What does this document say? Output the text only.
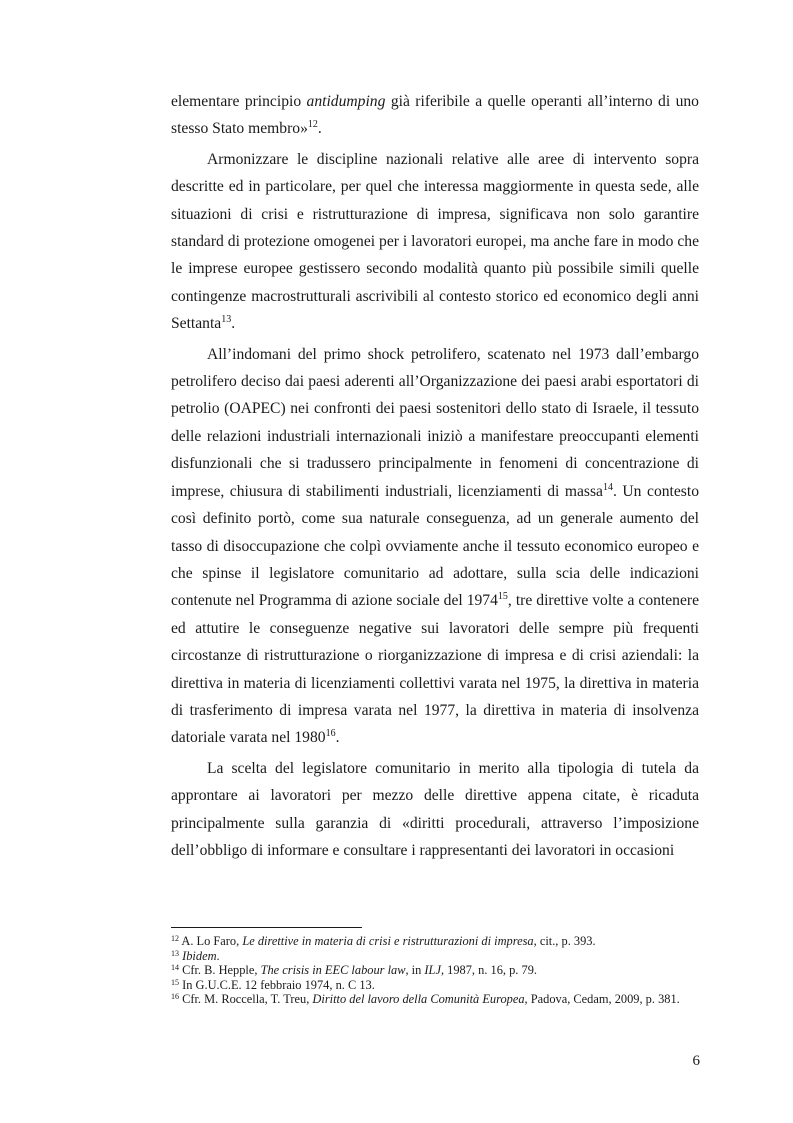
elementare principio antidumping già riferibile a quelle operanti all’interno di uno stesso Stato membro»$^{12}$.

Armonizzare le discipline nazionali relative alle aree di intervento sopra descritte ed in particolare, per quel che interessa maggiormente in questa sede, alle situazioni di crisi e ristrutturazione di impresa, significava non solo garantire standard di protezione omogenei per i lavoratori europei, ma anche fare in modo che le imprese europee gestissero secondo modalità quanto più possibile simili quelle contingenze macrostrutturali ascrivibili al contesto storico ed economico degli anni Settanta$^{13}$.

All’indomani del primo shock petrolifero, scatenato nel 1973 dall’embargo petrolifero deciso dai paesi aderenti all’Organizzazione dei paesi arabi esportatori di petrolio (OAPEC) nei confronti dei paesi sostenitori dello stato di Israele, il tessuto delle relazioni industriali internazionali iniziò a manifestare preoccupanti elementi disfunzionali che si tradussero principalmente in fenomeni di concentrazione di imprese, chiusura di stabilimenti industriali, licenziamenti di massa$^{14}$. Un contesto così definito portò, come sua naturale conseguenza, ad un generale aumento del tasso di disoccupazione che colpì ovviamente anche il tessuto economico europeo e che spinse il legislatore comunitario ad adottare, sulla scia delle indicazioni contenute nel Programma di azione sociale del 1974$^{15}$, tre direttive volte a contenere ed attutire le conseguenze negative sui lavoratori delle sempre più frequenti circostanze di ristrutturazione o riorganizzazione di impresa e di crisi aziendali: la direttiva in materia di licenziamenti collettivi varata nel 1975, la direttiva in materia di trasferimento di impresa varata nel 1977, la direttiva in materia di insolvenza datoriale varata nel 1980$^{16}$.

La scelta del legislatore comunitario in merito alla tipologia di tutela da approntare ai lavoratori per mezzo delle direttive appena citate, è ricaduta principalmente sulla garanzia di «diritti procedurali, attraverso l’imposizione dell’obbligo di informare e consultare i rappresentanti dei lavoratori in occasioni

$^{12}$ A. Lo Faro, Le direttive in materia di crisi e ristrutturazioni di impresa, cit., p. 393.

$^{13}$ Ibidem.

$^{14}$ Cfr. B. Hepple, The crisis in EEC labour law, in ILJ, 1987, n. 16, p. 79.

$^{15}$ In G.U.C.E. 12 febbraio 1974, n. C 13.

$^{16}$ Cfr. M. Roccella, T. Treu, Diritto del lavoro della Comunità Europea, Padova, Cedam, 2009, p. 381.

6
